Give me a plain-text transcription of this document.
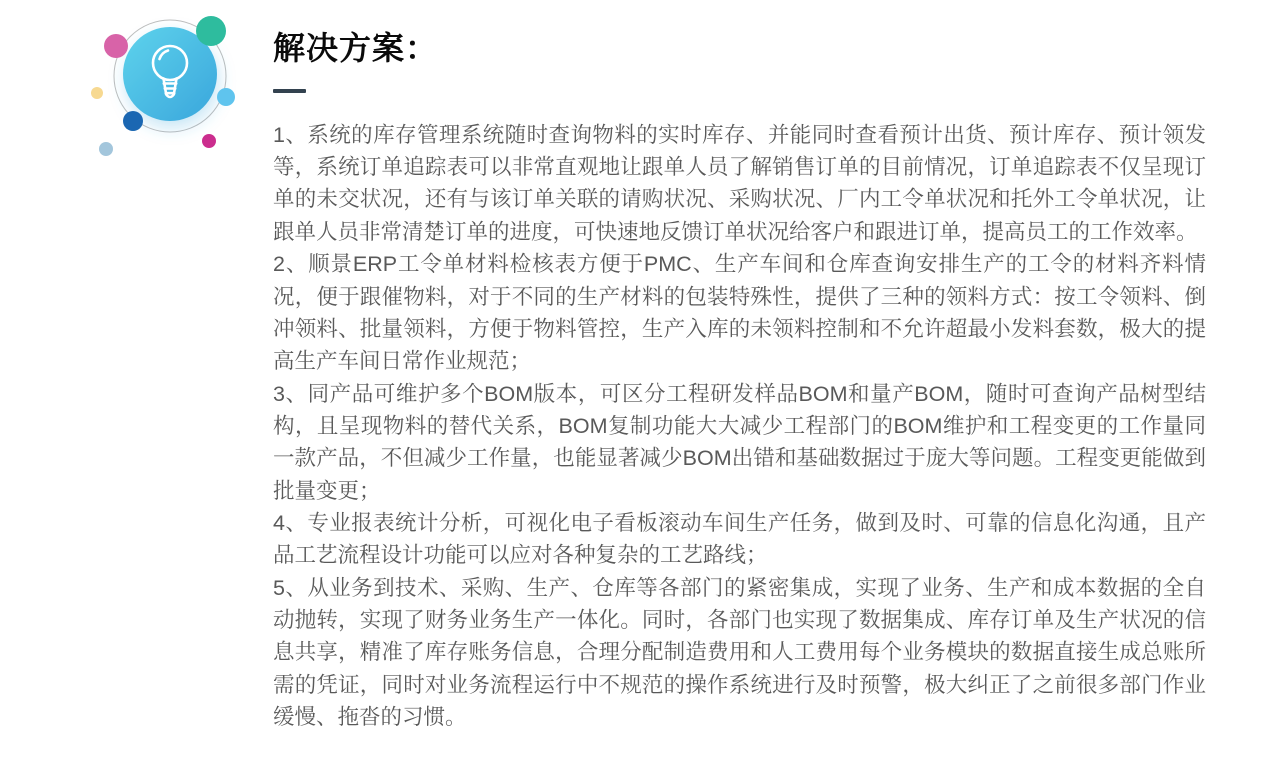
解决方案：

1、系统的库存管理系统随时查询物料的实时库存、并能同时查看预计出货、预计库存、预计领发等，系统订单追踪表可以非常直观地让跟单人员了解销售订单的目前情况，订单追踪表不仅呈现订单的未交状况，还有与该订单关联的请购状况、采购状况、厂内工令单状况和托外工令单状况，让跟单人员非常清楚订单的进度，可快速地反馈订单状况给客户和跟进订单，提高员工的工作效率。

2、顺景ERP工令单材料检核表方便于PMC、生产车间和仓库查询安排生产的工令的材料齐料情况，便于跟催物料，对于不同的生产材料的包装特殊性，提供了三种的领料方式：按工令领料、倒冲领料、批量领料，方便于物料管控，生产入库的未领料控制和不允许超最小发料套数，极大的提高生产车间日常作业规范；

3、同产品可维护多个BOM版本，可区分工程研发样品BOM和量产BOM，随时可查询产品树型结构，且呈现物料的替代关系，BOM复制功能大大减少工程部门的BOM维护和工程变更的工作量同一款产品，不但减少工作量，也能显著减少BOM出错和基础数据过于庞大等问题。工程变更能做到批量变更；

4、专业报表统计分析，可视化电子看板滚动车间生产任务，做到及时、可靠的信息化沟通，且产品工艺流程设计功能可以应对各种复杂的工艺路线；

5、从业务到技术、采购、生产、仓库等各部门的紧密集成，实现了业务、生产和成本数据的全自动抛转，实现了财务业务生产一体化。同时，各部门也实现了数据集成、库存订单及生产状况的信息共享，精准了库存账务信息，合理分配制造费用和人工费用每个业务模块的数据直接生成总账所需的凭证，同时对业务流程运行中不规范的操作系统进行及时预警，极大纠正了之前很多部门作业缓慢、拖沓的习惯。
